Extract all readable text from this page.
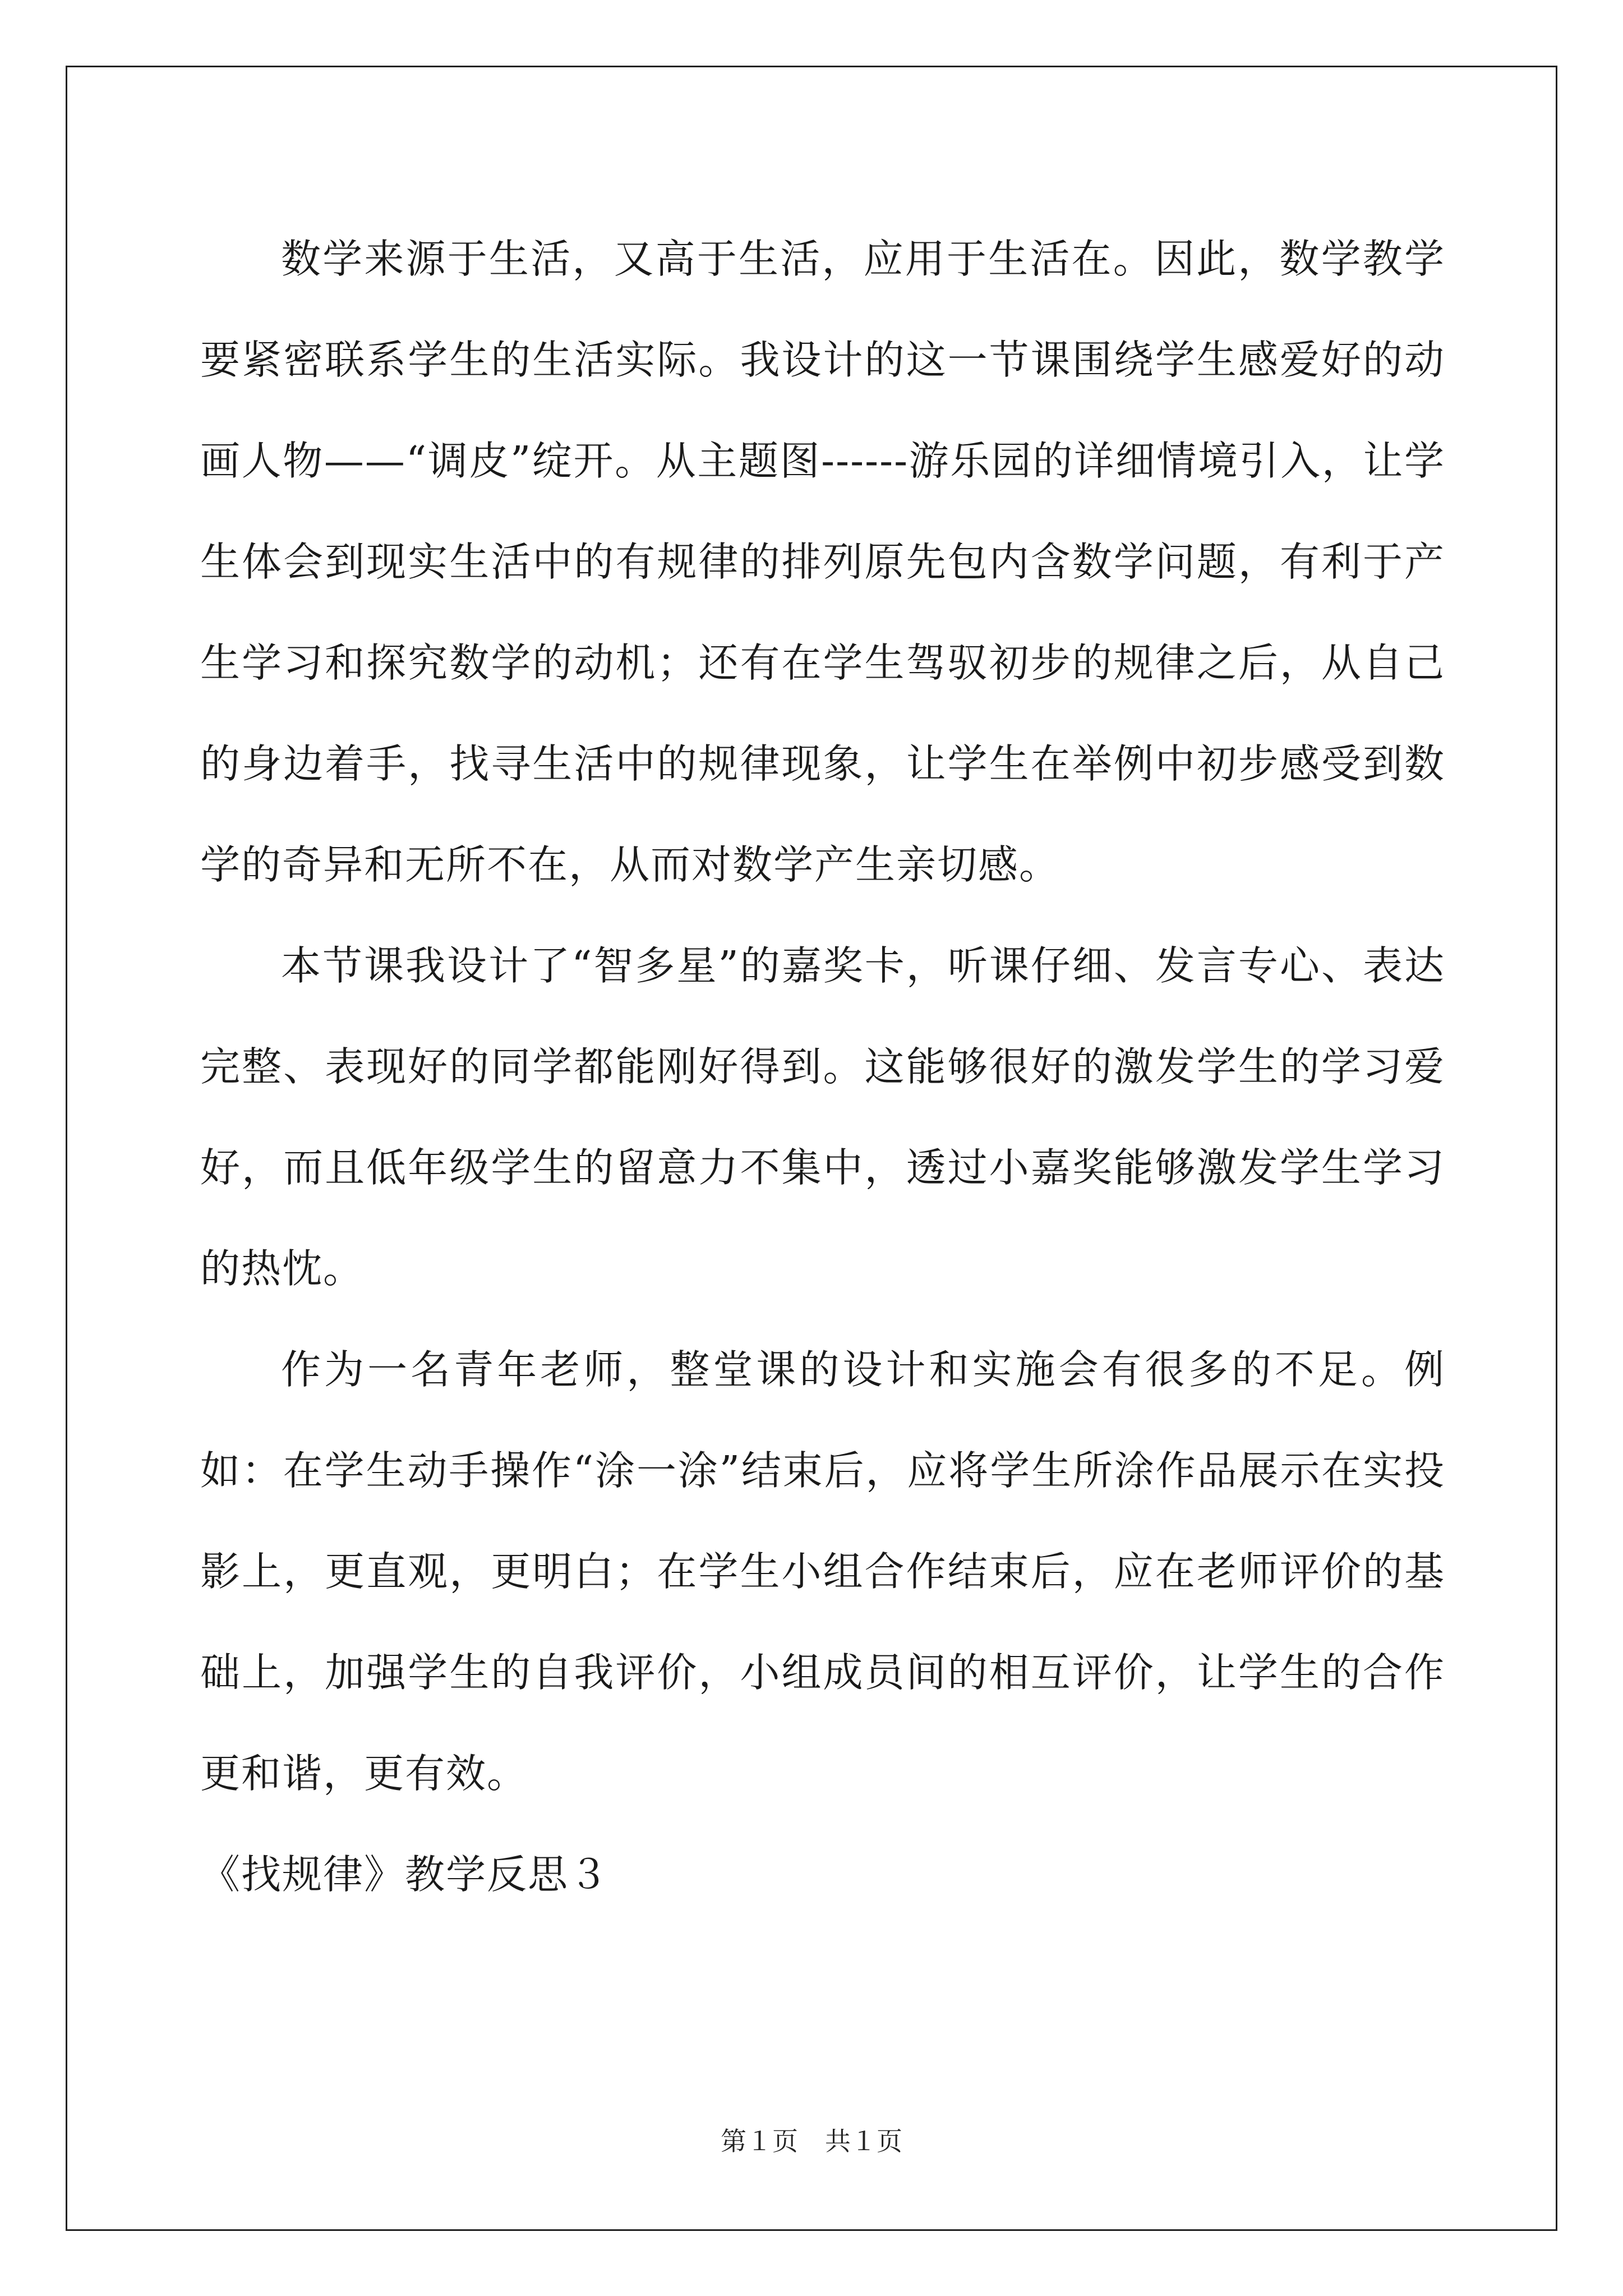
数学来源于生活，又高于生活，应用于生活在。因此，数学教学要紧密联系学生的生活实际。我设计的这一节课围绕学生感爱好的动画人物——“调皮”绽开。从主题图------游乐园的详细情境引入，让学生体会到现实生活中的有规律的排列原先包内含数学问题，有利于产生学习和探究数学的动机；还有在学生驾驭初步的规律之后，从自己的身边着手，找寻生活中的规律现象，让学生在举例中初步感受到数学的奇异和无所不在，从而对数学产生亲切感。

本节课我设计了“智多星”的嘉奖卡，听课仔细、发言专心、表达完整、表现好的同学都能刚好得到。这能够很好的激发学生的学习爱好，而且低年级学生的留意力不集中，透过小嘉奖能够激发学生学习的热忱。

作为一名青年老师，整堂课的设计和实施会有很多的不足。例如：在学生动手操作“涂一涂”结束后，应将学生所涂作品展示在实投影上，更直观，更明白；在学生小组合作结束后，应在老师评价的基础上，加强学生的自我评价，小组成员间的相互评价，让学生的合作更和谐，更有效。

《找规律》教学反思３

第１页 共１页
